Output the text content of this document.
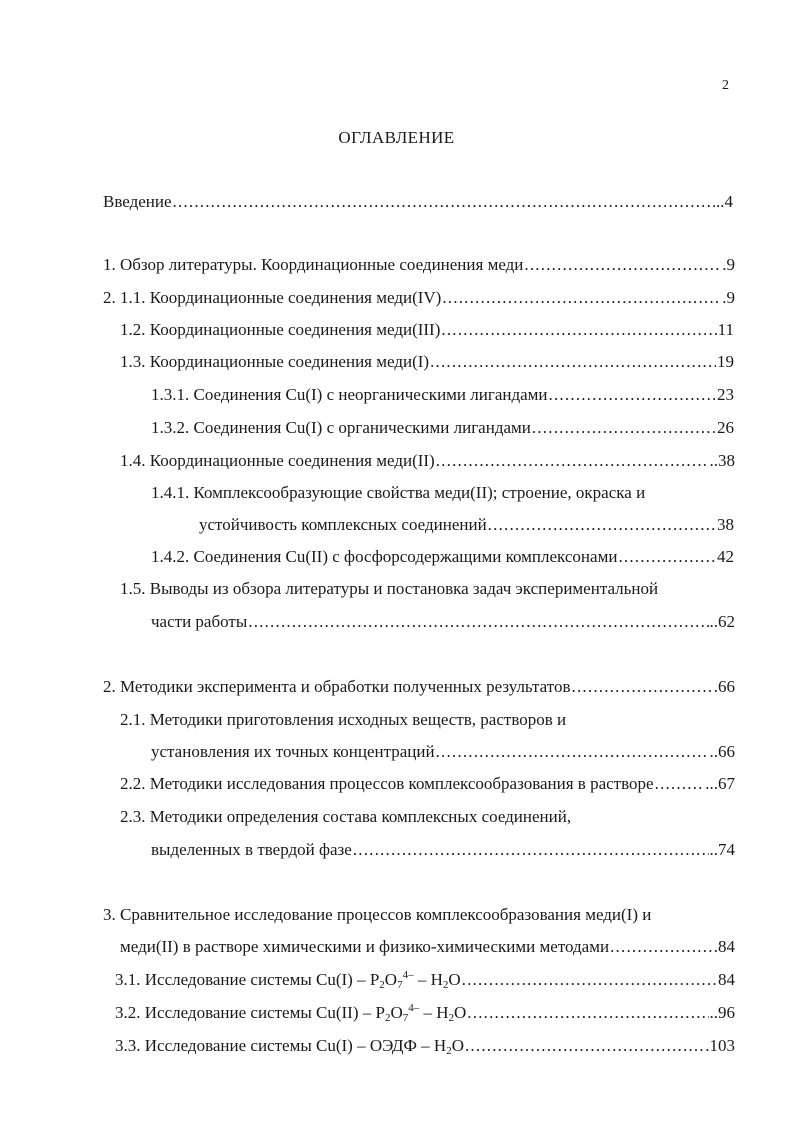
2
ОГЛАВЛЕНИЕ
Введение .....	..4
1. Обзор литературы. Координационные соединения меди .....	.9
2. 1.1. Координационные соединения меди(IV) .....	.9
1.2. Координационные соединения меди(III) .....	11
1.3. Координационные соединения меди(I) .....	19
1.3.1. Соединения Cu(I) с неорганическими лигандами .....	23
1.3.2. Соединения Cu(I) с органическими лигандами .....	26
1.4. Координационные соединения меди(II) .....	..38
1.4.1. Комплексообразующие свойства меди(II); строение, окраска и
устойчивость комплексных соединений .....	38
1.4.2. Соединения Cu(II) с фосфорсодержащими комплексонами .....	42
1.5. Выводы из обзора литературы и постановка задач экспериментальной
части работы .....	..62
2. Методики эксперимента и обработки полученных результатов .....	.66
2.1. Методики приготовления исходных веществ, растворов и
установления их точных концентраций .....	..66
2.2. Методики исследования процессов комплексообразования в растворе .....	...67
2.3. Методики определения состава комплексных соединений,
выделенных в твердой фазе .....	..74
3. Сравнительное исследование процессов комплексообразования меди(I) и
меди(II) в растворе химическими и физико-химическими методами .....	.84
3.1. Исследование системы $Cu(I) - P_2O_7^{4-} - H_2O$ .....	84
3.2. Исследование системы $Cu(II) - P_2O_7^{4-} - H_2O$ .....	..96
3.3. Исследование системы Cu(I) – ОЭДФ – $H_2O$ .....	.103
